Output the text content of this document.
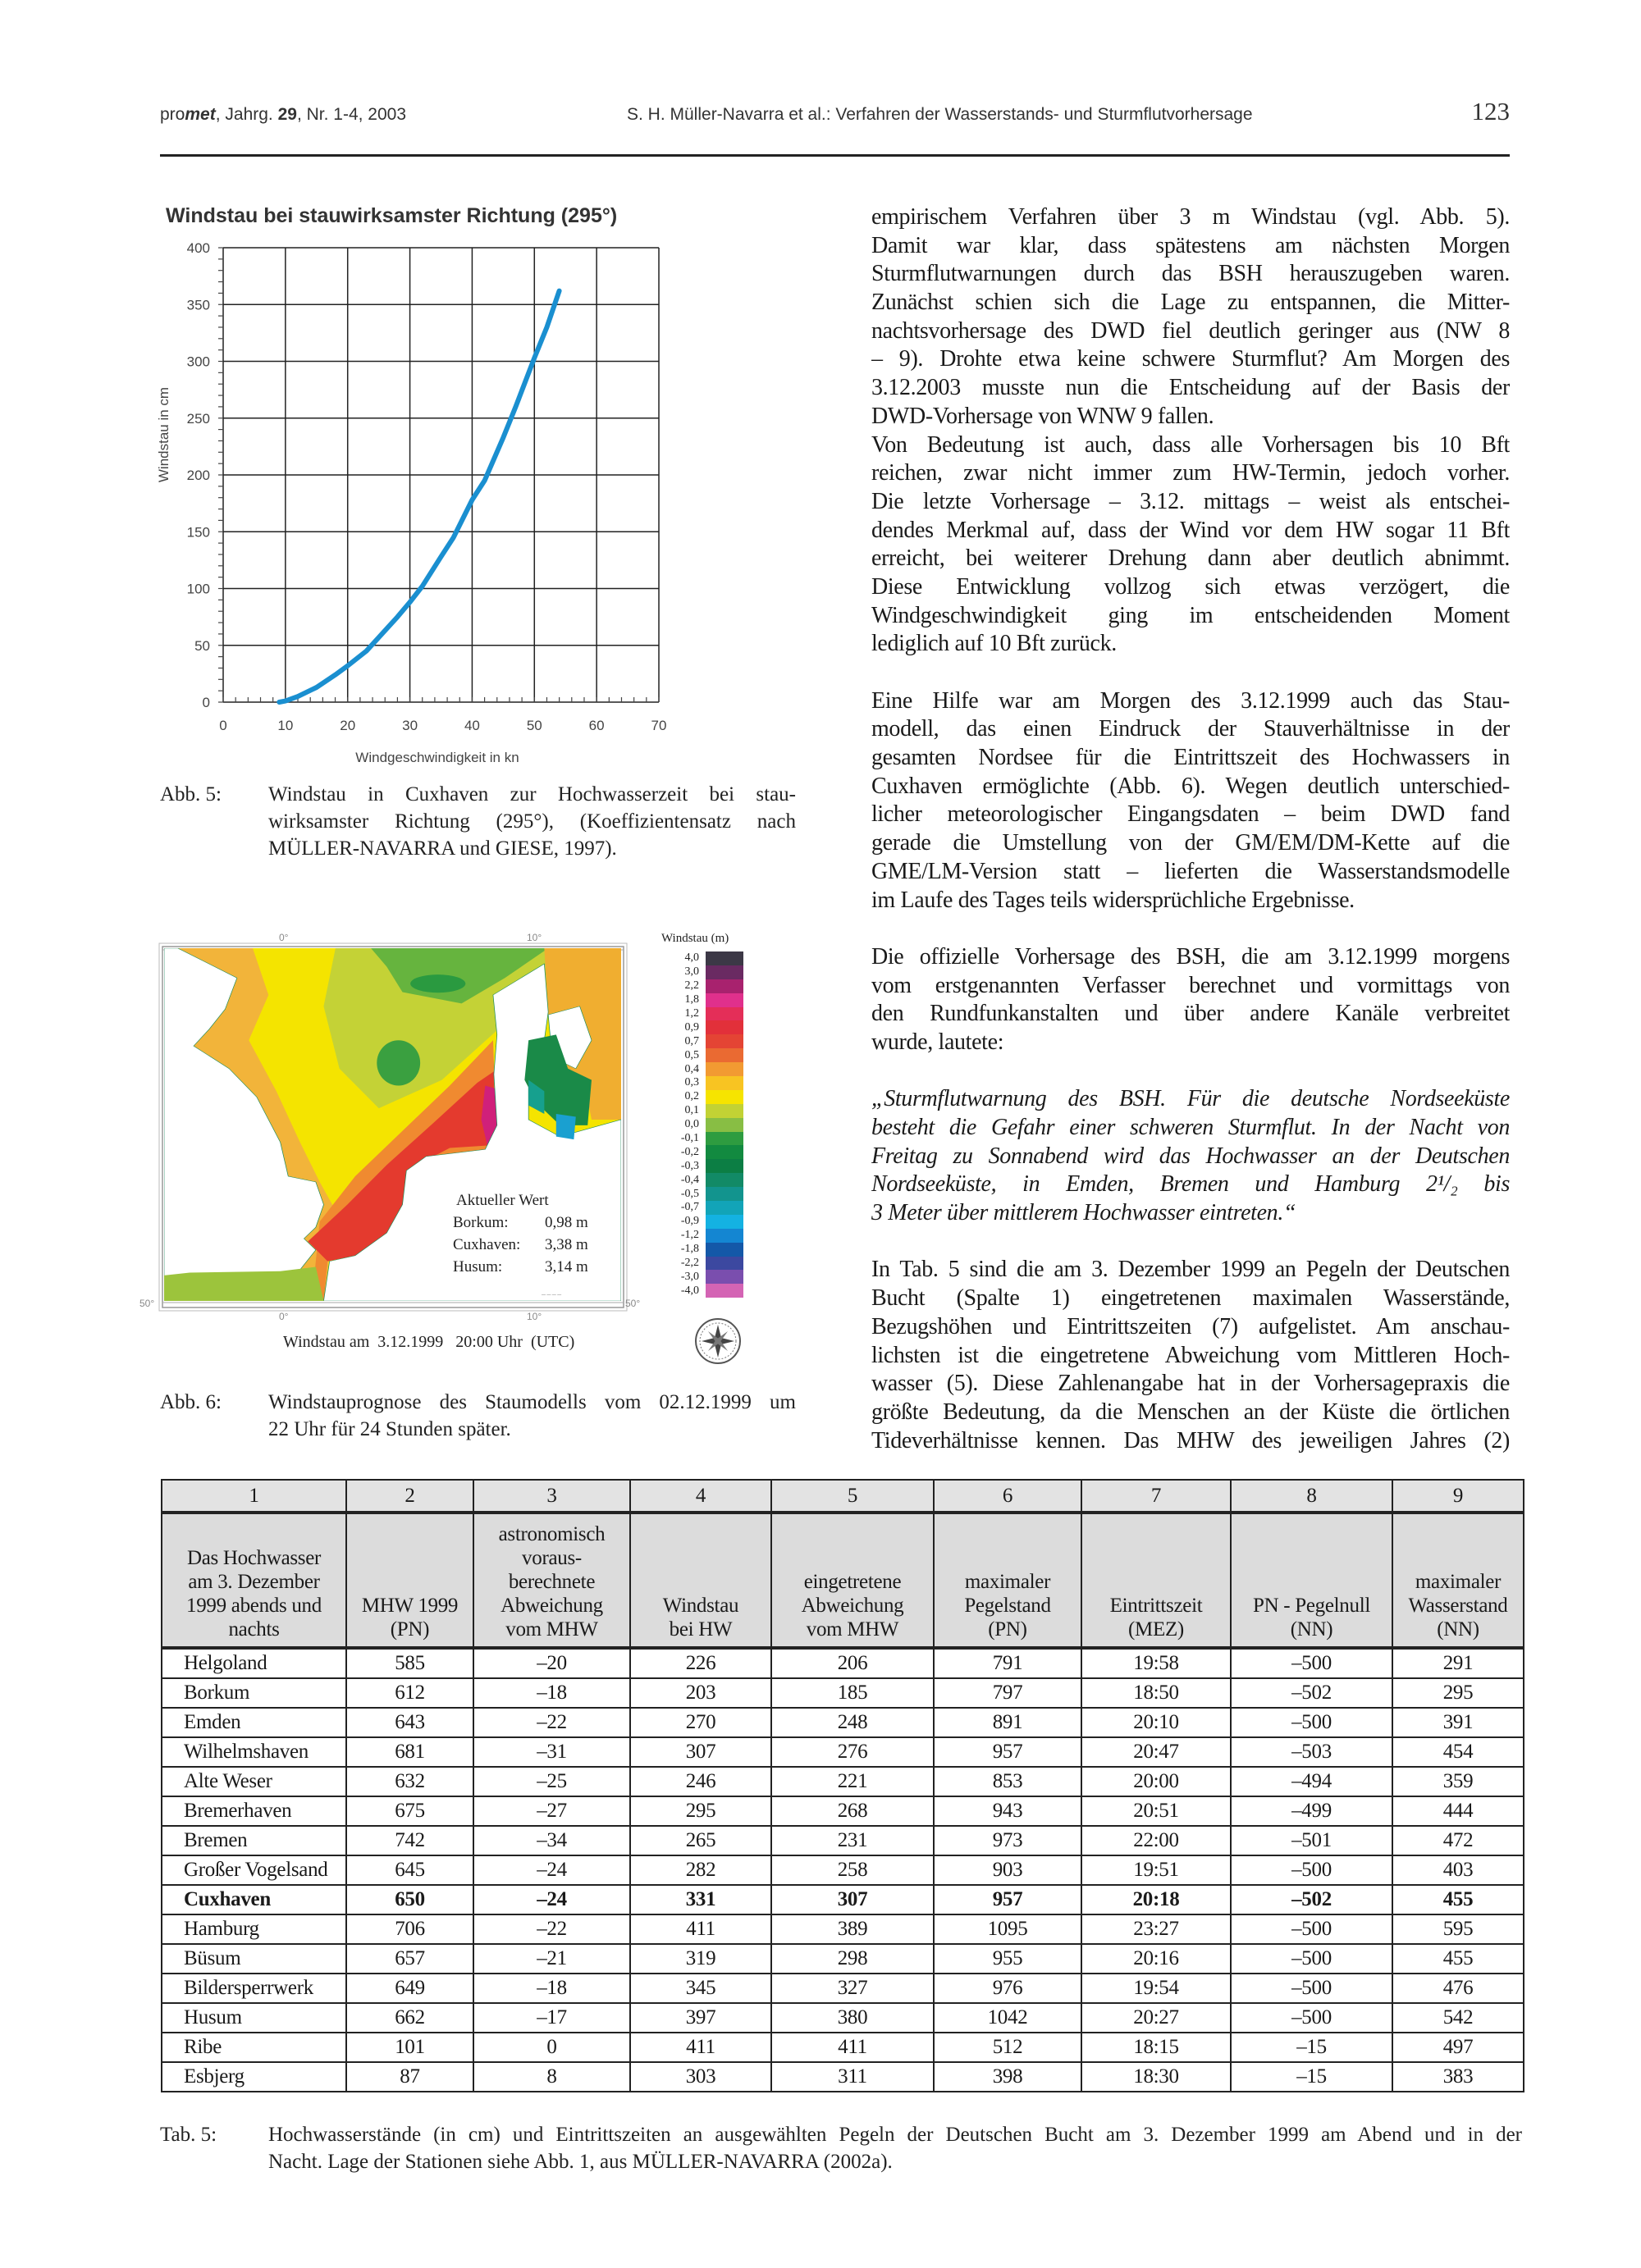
promet, Jahrg. 29, Nr. 1-4, 2003	S. H. Müller-Navarra et al.: Verfahren der Wasserstands- und Sturmflutvorhersage	123
Windstau bei stauwirksamster Richtung (295°)
0	10	20	30	40	50	60	70
0
50
100
150
200
250
300
350
400
Windgeschwindigkeit in kn
Windstau in cm
Abb. 5: Windstau in Cuxhaven zur Hochwasserzeit bei stau-
wirksamster Richtung (295°), (Koeffizientensatz nach
MÜLLER-NAVARRA und GIESE, 1997).
0°	10°
0°	10°
50°	50°
Aktueller Wert
Borkum:	0,98 m
Cuxhaven:	3,38 m
Husum:	3,14 m
— — — —
Windstau (m)
4,0
3,0
2,2
1,8
1,2
0,9
0,7
0,5
0,4
0,3
0,2
0,1
0,0
-0,1
-0,2
-0,3
-0,4
-0,5
-0,7
-0,9
-1,2
-1,8
-2,2
-3,0
-4,0
Windstau am  3.12.1999   20:00 Uhr  (UTC)
Abb. 6: Windstauprognose des Staumodells vom 02.12.1999 um
22 Uhr für 24 Stunden später.
empirischem Verfahren über 3 m Windstau (vgl. Abb. 5).
Damit war klar, dass spätestens am nächsten Morgen
Sturmflutwarnungen durch das BSH herauszugeben waren.
Zunächst schien sich die Lage zu entspannen, die Mitter-
nachtsvorhersage des DWD fiel deutlich geringer aus (NW 8
– 9). Drohte etwa keine schwere Sturmflut? Am Morgen des
3.12.2003 musste nun die Entscheidung auf der Basis der
DWD-Vorhersage von WNW 9 fallen.
Von Bedeutung ist auch, dass alle Vorhersagen bis 10 Bft
reichen, zwar nicht immer zum HW-Termin, jedoch vorher.
Die letzte Vorhersage – 3.12. mittags – weist als entschei-
dendes Merkmal auf, dass der Wind vor dem HW sogar 11 Bft
erreicht, bei weiterer Drehung dann aber deutlich abnimmt.
Diese Entwicklung vollzog sich etwas verzögert, die
Windgeschwindigkeit ging im entscheidenden Moment
lediglich auf 10 Bft zurück.
Eine Hilfe war am Morgen des 3.12.1999 auch das Stau-
modell, das einen Eindruck der Stauverhältnisse in der
gesamten Nordsee für die Eintrittszeit des Hochwassers in
Cuxhaven ermöglichte (Abb. 6). Wegen deutlich unterschied-
licher meteorologischer Eingangsdaten – beim DWD fand
gerade die Umstellung von der GM/EM/DM-Kette auf die
GME/LM-Version statt – lieferten die Wasserstandsmodelle
im Laufe des Tages teils widersprüchliche Ergebnisse.
Die offizielle Vorhersage des BSH, die am 3.12.1999 morgens
vom erstgenannten Verfasser berechnet und vormittags von
den Rundfunkanstalten und über andere Kanäle verbreitet
wurde, lautete:
„Sturmflutwarnung des BSH. Für die deutsche Nordseeküste
besteht die Gefahr einer schweren Sturmflut. In der Nacht von
Freitag zu Sonnabend wird das Hochwasser an der Deutschen
Nordseeküste, in Emden, Bremen und Hamburg 2¹/₂ bis
3 Meter über mittlerem Hochwasser eintreten.“
In Tab. 5 sind die am 3. Dezember 1999 an Pegeln der Deutschen
Bucht (Spalte 1) eingetretenen maximalen Wasserstände,
Bezugshöhen und Eintrittszeiten (7) aufgelistet. Am anschau-
lichsten ist die eingetretene Abweichung vom Mittleren Hoch-
wasser (5). Diese Zahlenangabe hat in der Vorhersagepraxis die
größte Bedeutung, da die Menschen an der Küste die örtlichen
Tideverhältnisse kennen. Das MHW des jeweiligen Jahres (2)
1	2	3	4	5	6	7	8	9

Das Hochwasser
am 3. Dezember
1999 abends und
nachts	MHW 1999
(PN)	astronomisch
voraus-
berechnete
Abweichung
vom MHW	Windstau
bei HW	eingetretene
Abweichung
vom MHW	maximaler
Pegelstand
(PN)	Eintrittszeit
(MEZ)	PN - Pegelnull
(NN)	maximaler
Wasserstand
(NN)

Helgoland	585	–20	226	206	791	19:58	–500	291
Borkum	612	–18	203	185	797	18:50	–502	295
Emden	643	–22	270	248	891	20:10	–500	391
Wilhelmshaven	681	–31	307	276	957	20:47	–503	454
Alte Weser	632	–25	246	221	853	20:00	–494	359
Bremerhaven	675	–27	295	268	943	20:51	–499	444
Bremen	742	–34	265	231	973	22:00	–501	472
Großer Vogelsand	645	–24	282	258	903	19:51	–500	403
Cuxhaven	650	–24	331	307	957	20:18	–502	455
Hamburg	706	–22	411	389	1095	23:27	–500	595
Büsum	657	–21	319	298	955	20:16	–500	455
Bildersperrwerk	649	–18	345	327	976	19:54	–500	476
Husum	662	–17	397	380	1042	20:27	–500	542
Ribe	101	0	411	411	512	18:15	–15	497
Esbjerg	87	8	303	311	398	18:30	–15	383
Tab. 5:	Hochwasserstände (in cm) und Eintrittszeiten an ausgewählten Pegeln der Deutschen Bucht am 3. Dezember 1999 am Abend und in der
Nacht. Lage der Stationen siehe Abb. 1, aus MÜLLER-NAVARRA (2002a).
